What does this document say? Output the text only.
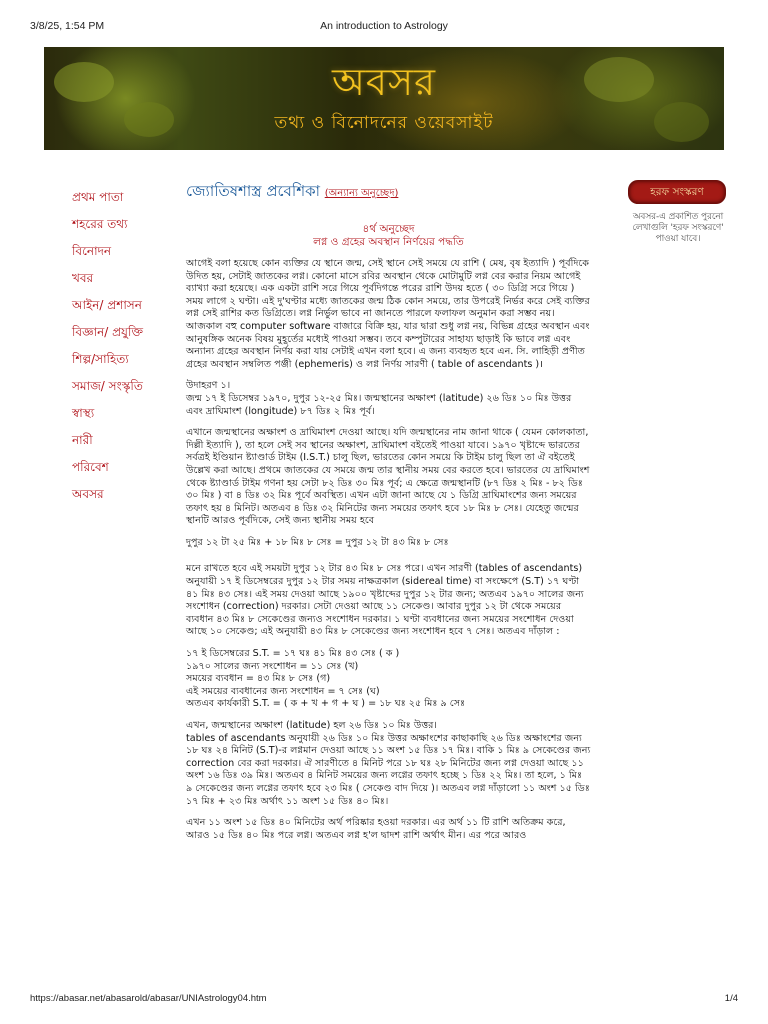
3/8/25, 1:54 PM	An introduction to Astrology
অবসর
তথ্য ও বিনোদনের ওয়েবসাইট
প্রথম পাতা
শহরের তথ্য
বিনোদন
খবর
আইন/ প্রশাসন
বিজ্ঞান/ প্রযুক্তি
শিল্প/সাহিত্য
সমাজ/ সংস্কৃতি
স্বাস্থ্য
নারী
পরিবেশ
অবসর
জ্যোতিষশাস্ত্র প্রবেশিকা (অন্যান্য অনুচ্ছেদ)
৪র্থ অনুচ্ছেদ
লগ্ন ও গ্রহের অবস্থান নির্ণয়ের পদ্ধতি

আগেই বলা হয়েছে কোন ব্যক্তির যে স্থানে জন্ম, সেই স্থানে সেই সময়ে যে রাশি ( মেষ, বৃষ ইত্যাদি ) পূর্বদিকে উদিত হয়, সেটাই জাতকের লগ্ন। কোনো মাসে রবির অবস্থান থেকে মোটামুটি লগ্ন বের করার নিয়ম আগেই ব্যাখ্যা করা হয়েছে। এক একটা রাশি সরে গিয়ে পূর্বদিগন্তে পরের রাশি উদয় হতে ( ৩০ ডিগ্রি সরে গিয়ে ) সময় লাগে ২ ঘণ্টা। এই দু'ঘণ্টার মধ্যে জাতকের জন্ম ঠিক কোন সময়ে, তার উপরেই নির্ভর করে সেই ব্যক্তির লগ্ন সেই রাশির কত ডিগ্রিতে। লগ্ন নির্ভুল ভাবে না জানতে পারলে ফলাফল অনুমান করা সম্ভব নয়। আজকাল বহু computer software বাজারে বিক্রি হয়, যার দ্বারা শুধু লগ্ন নয়, বিভিন্ন গ্রহের অবস্থান এবং আনুষঙ্গিক অনেক বিষয় মুহূর্তের মধ্যেই পাওয়া সম্ভব। তবে কম্পুটারের সাহায্য ছাড়াই কি ভাবে লগ্ন এবং অন্যান্য গ্রহের অবস্থান নির্ণয় করা যায় সেটাই এখন বলা হবে। এ জন্য ব্যবহৃত হবে এন. সি. লাহিড়ী প্রণীত গ্রহের অবস্থান সম্বলিত পঞ্জী (ephemeris) ও লগ্ন নির্ণয় সারণী ( table of ascendants )।

উদাহরণ ১।
জন্ম ১৭ ই ডিসেম্বর ১৯৭০, দুপুর ১২-২৫ মিঃ। জন্মস্থানের অক্ষাংশ (latitude) ২৬ ডিঃ ১০ মিঃ উত্তর এবং দ্রাঘিমাংশ (longitude) ৮৭ ডিঃ ২ মিঃ পূর্ব।

এখানে জন্মস্থানের অক্ষাংশ ও দ্রাঘিমাংশ দেওয়া আছে। যদি জন্মস্থানের নাম জানা থাকে ( যেমন কোলকাতা, দিল্লী ইত্যাদি ), তা হলে সেই সব স্থানের অক্ষাংশ, দ্রাঘিমাংশ বইতেই পাওয়া যাবে। ১৯৭০ খৃষ্টাব্দে ভারতের সর্বত্রই ইণ্ডিয়ান ষ্ট্যাণ্ডার্ড টাইম (I.S.T.) চালু ছিল, ভারতের কোন সময়ে কি টাইম চালু ছিল তা ঐ বইতেই উল্লেখ করা আছে। প্রথমে জাতকের যে সময়ে জন্ম তার স্থানীয় সময় বের করতে হবে। ভারতের যে দ্রাঘিমাংশ থেকে ষ্ট্যাণ্ডার্ড টাইম গণনা হয় সেটা ৮২ ডিঃ ৩০ মিঃ পূর্ব; এ ক্ষেত্রে জন্মস্থানটি (৮৭ ডিঃ ২ মিঃ - ৮২ ডিঃ ৩০ মিঃ ) বা ৪ ডিঃ ৩২ মিঃ পূর্বে অবস্থিত। এখন এটা জানা আছে যে ১ ডিগ্রি দ্রাঘিমাংশের জন্য সময়ের তফাৎ হয় ৪ মিনিট। অতএব ৪ ডিঃ ৩২ মিনিটের জন্য সময়ের তফাৎ হবে ১৮ মিঃ ৮ সেঃ। যেহেতু জন্মের স্থানটি আরও পূর্বদিকে, সেই জন্য স্থানীয় সময় হবে

দুপুর ১২ টা ২৫ মিঃ + ১৮ মিঃ ৮ সেঃ = দুপুর ১২ টা ৪৩ মিঃ ৮ সেঃ

মনে রাখতে হবে এই সময়টা দুপুর ১২ টার ৪৩ মিঃ ৮ সেঃ পরে। এখন সারণী (tables of ascendants) অনুযায়ী ১৭ ই ডিসেম্বরের দুপুর ১২ টার সময় নাক্ষত্রকাল (sidereal time) বা সংক্ষেপে (S.T) ১৭ ঘণ্টা ৪১ মিঃ ৪৩ সেঃ। এই সময় দেওয়া আছে ১৯০০ খৃষ্টাব্দের দুপুর ১২ টার জন্য; অতএব ১৯৭০ সালের জন্য সংশোধন (correction) দরকার। সেটা দেওয়া আছে ১১ সেকেণ্ড। আবার দুপুর ১২ টা থেকে সময়ের ব্যবধান ৪৩ মিঃ ৮ সেকেণ্ডের জন্যও সংশোধন দরকার। ১ ঘণ্টা ব্যবধানের জন্য সময়ের সংশোধন দেওয়া আছে ১০ সেকেণ্ড; এই অনুযায়ী ৪৩ মিঃ ৮ সেকেণ্ডের জন্য সংশোধন হবে ৭ সেঃ। অতএব দাঁড়াল :

১৭ ই ডিসেম্বরের S.T. = ১৭ ঘঃ ৪১ মিঃ ৪৩ সেঃ ( ক )
১৯৭০ সালের জন্য সংশোধন = ১১ সেঃ (খ)
সময়ের ব্যবধান = ৪৩ মিঃ ৮ সেঃ (গ)
এই সময়ের ব্যবধানের জন্য সংশোধন = ৭ সেঃ (ঘ)
অতএব কার্যকারী S.T. = ( ক + খ + গ + ঘ ) = ১৮ ঘঃ ২৫ মিঃ ৯ সেঃ

এখন, জন্মস্থানের অক্ষাংশ (latitude) হল ২৬ ডিঃ ১০ মিঃ উত্তর।
tables of ascendants অনুযায়ী ২৬ ডিঃ ১০ মিঃ উত্তর অক্ষাংশের কাছাকাছি ২৬ ডিঃ অক্ষাংশের জন্য ১৮ ঘঃ ২৪ মিনিট (S.T)-র লগ্নমান দেওয়া আছে ১১ অংশ ১৫ ডিঃ ১৭ মিঃ। বাকি ১ মিঃ ৯ সেকেণ্ডের জন্য correction বের করা দরকার। ঐ সারণীতে ৪ মিনিট পরে ১৮ ঘঃ ২৮ মিনিটের জন্য লগ্ন দেওয়া আছে ১১ অংশ ১৬ ডিঃ ৩৯ মিঃ। অতএব ৪ মিনিট সময়ের জন্য লগ্নের তফাৎ হচ্ছে ১ ডিঃ ২২ মিঃ। তা হলে, ১ মিঃ ৯ সেকেণ্ডের জন্য লগ্নের তফাৎ হবে ২৩ মিঃ ( সেকেণ্ড বাদ দিয়ে )। অতএব লগ্ন দাঁড়ালো ১১ অংশ ১৫ ডিঃ ১৭ মিঃ + ২৩ মিঃ অর্থাৎ ১১ অংশ ১৫ ডিঃ ৪০ মিঃ।

এখন ১১ অংশ ১৫ ডিঃ ৪০ মিনিটের অর্থ পরিষ্কার হওয়া দরকার। এর অর্থ ১১ টি রাশি অতিক্রম করে, আরও ১৫ ডিঃ ৪০ মিঃ পরে লগ্ন। অতএব লগ্ন হ'ল দ্বাদশ রাশি অর্থাৎ মীন। এর পরে আরও

হরফ সংস্করণ
অবসর-এ প্রকাশিত পুরনো লেখাগুলি 'হরফ সংস্করণে' পাওয়া যাবে।
https://abasar.net/abasarold/abasar/UNIAstrology04.htm	1/4
